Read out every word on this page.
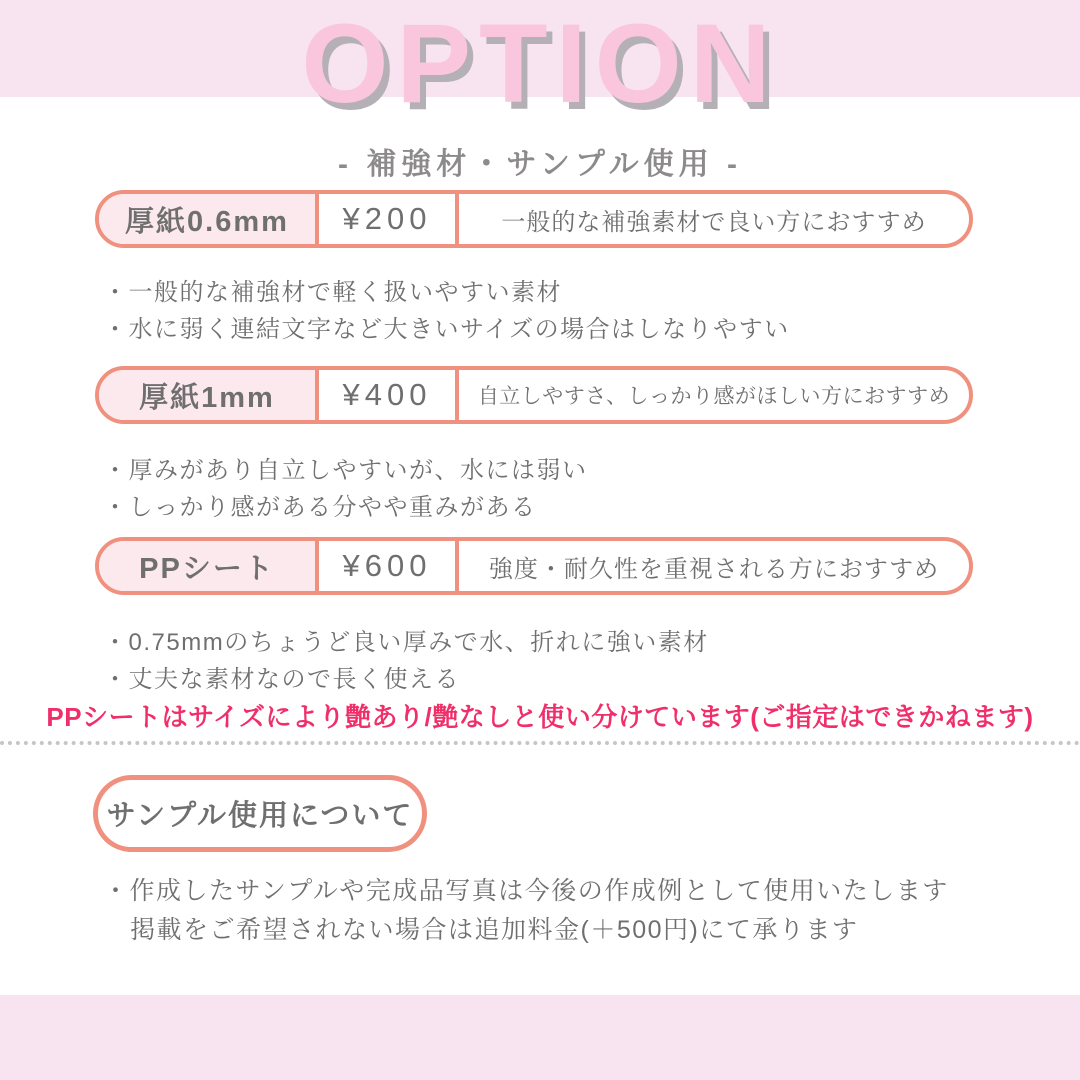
OPTION
- 補強材・サンプル使用 -
厚紙0.6mm	¥200	一般的な補強素材で良い方におすすめ
・一般的な補強材で軽く扱いやすい素材
・水に弱く連結文字など大きいサイズの場合はしなりやすい
厚紙1mm	¥400	自立しやすさ、しっかり感がほしい方におすすめ
・厚みがあり自立しやすいが、水には弱い
・しっかり感がある分やや重みがある
PPシート	¥600	強度・耐久性を重視される方におすすめ
・0.75mmのちょうど良い厚みで水、折れに強い素材
・丈夫な素材なので長く使える
PPシートはサイズにより艶あり/艶なしと使い分けています(ご指定はできかねます)
サンプル使用について
・作成したサンプルや完成品写真は今後の作成例として使用いたします
掲載をご希望されない場合は追加料金(＋500円)にて承ります
